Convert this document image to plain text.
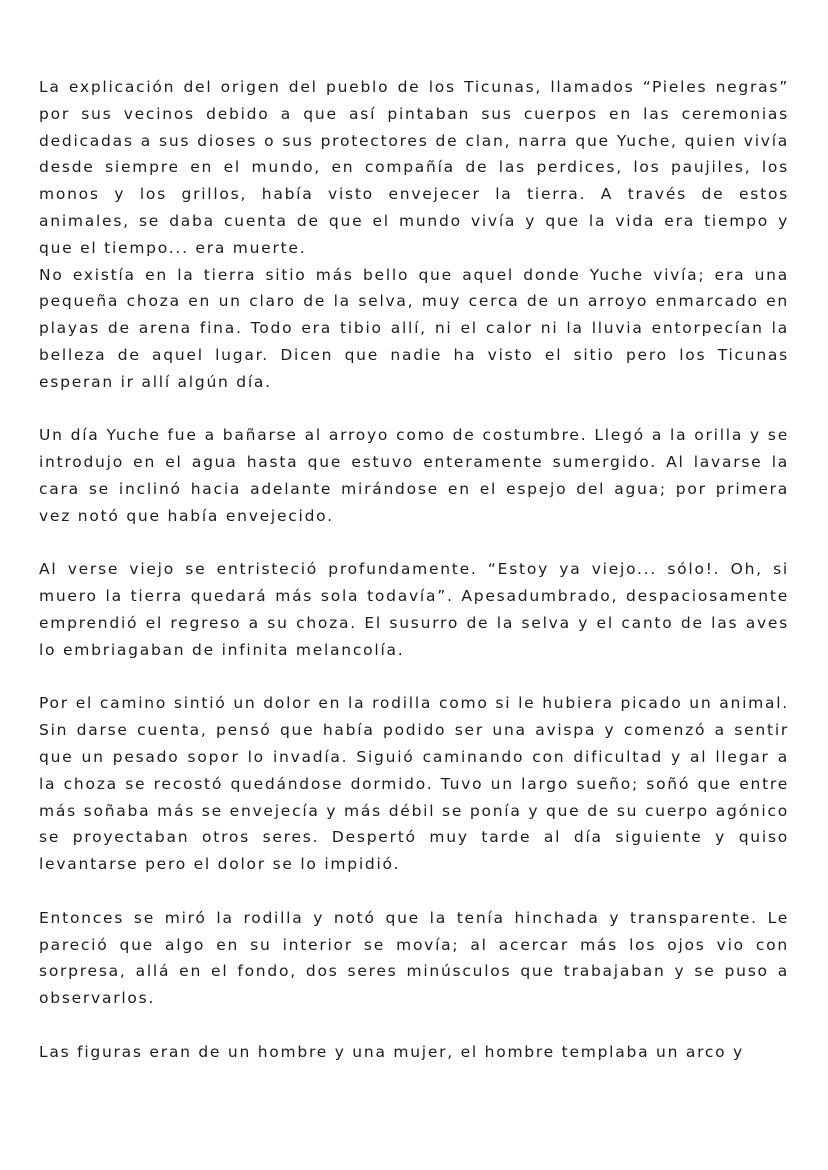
La explicación del origen del pueblo de los Ticunas, llamados “Pieles negras” por sus vecinos debido a que así pintaban sus cuerpos en las ceremonias dedicadas a sus dioses o sus protectores de clan, narra que Yuche, quien vivía desde siempre en el mundo, en compañía de las perdices, los paujiles, los monos y los grillos, había visto envejecer la tierra. A través de estos animales, se daba cuenta de que el mundo vivía y que la vida era tiempo y que el tiempo... era muerte.

No existía en la tierra sitio más bello que aquel donde Yuche vivía; era una pequeña choza en un claro de la selva, muy cerca de un arroyo enmarcado en playas de arena fina. Todo era tibio allí, ni el calor ni la lluvia entorpecían la belleza de aquel lugar. Dicen que nadie ha visto el sitio pero los Ticunas esperan ir allí algún día.

Un día Yuche fue a bañarse al arroyo como de costumbre. Llegó a la orilla y se introdujo en el agua hasta que estuvo enteramente sumergido. Al lavarse la cara se inclinó hacia adelante mirándose en el espejo del agua; por primera vez notó que había envejecido.

Al verse viejo se entristeció profundamente. “Estoy ya viejo... sólo!. Oh, si muero la tierra quedará más sola todavía”. Apesadumbrado, despaciosamente emprendió el regreso a su choza. El susurro de la selva y el canto de las aves lo embriagaban de infinita melancolía.

Por el camino sintió un dolor en la rodilla como si le hubiera picado un animal. Sin darse cuenta, pensó que había podido ser una avispa y comenzó a sentir que un pesado sopor lo invadía. Siguió caminando con dificultad y al llegar a la choza se recostó quedándose dormido. Tuvo un largo sueño; soñó que entre más soñaba más se envejecía y más débil se ponía y que de su cuerpo agónico se proyectaban otros seres. Despertó muy tarde al día siguiente y quiso levantarse pero el dolor se lo impidió.

Entonces se miró la rodilla y notó que la tenía hinchada y transparente. Le pareció que algo en su interior se movía; al acercar más los ojos vio con sorpresa, allá en el fondo, dos seres minúsculos que trabajaban y se puso a observarlos.

Las figuras eran de un hombre y una mujer, el hombre templaba un arco y
